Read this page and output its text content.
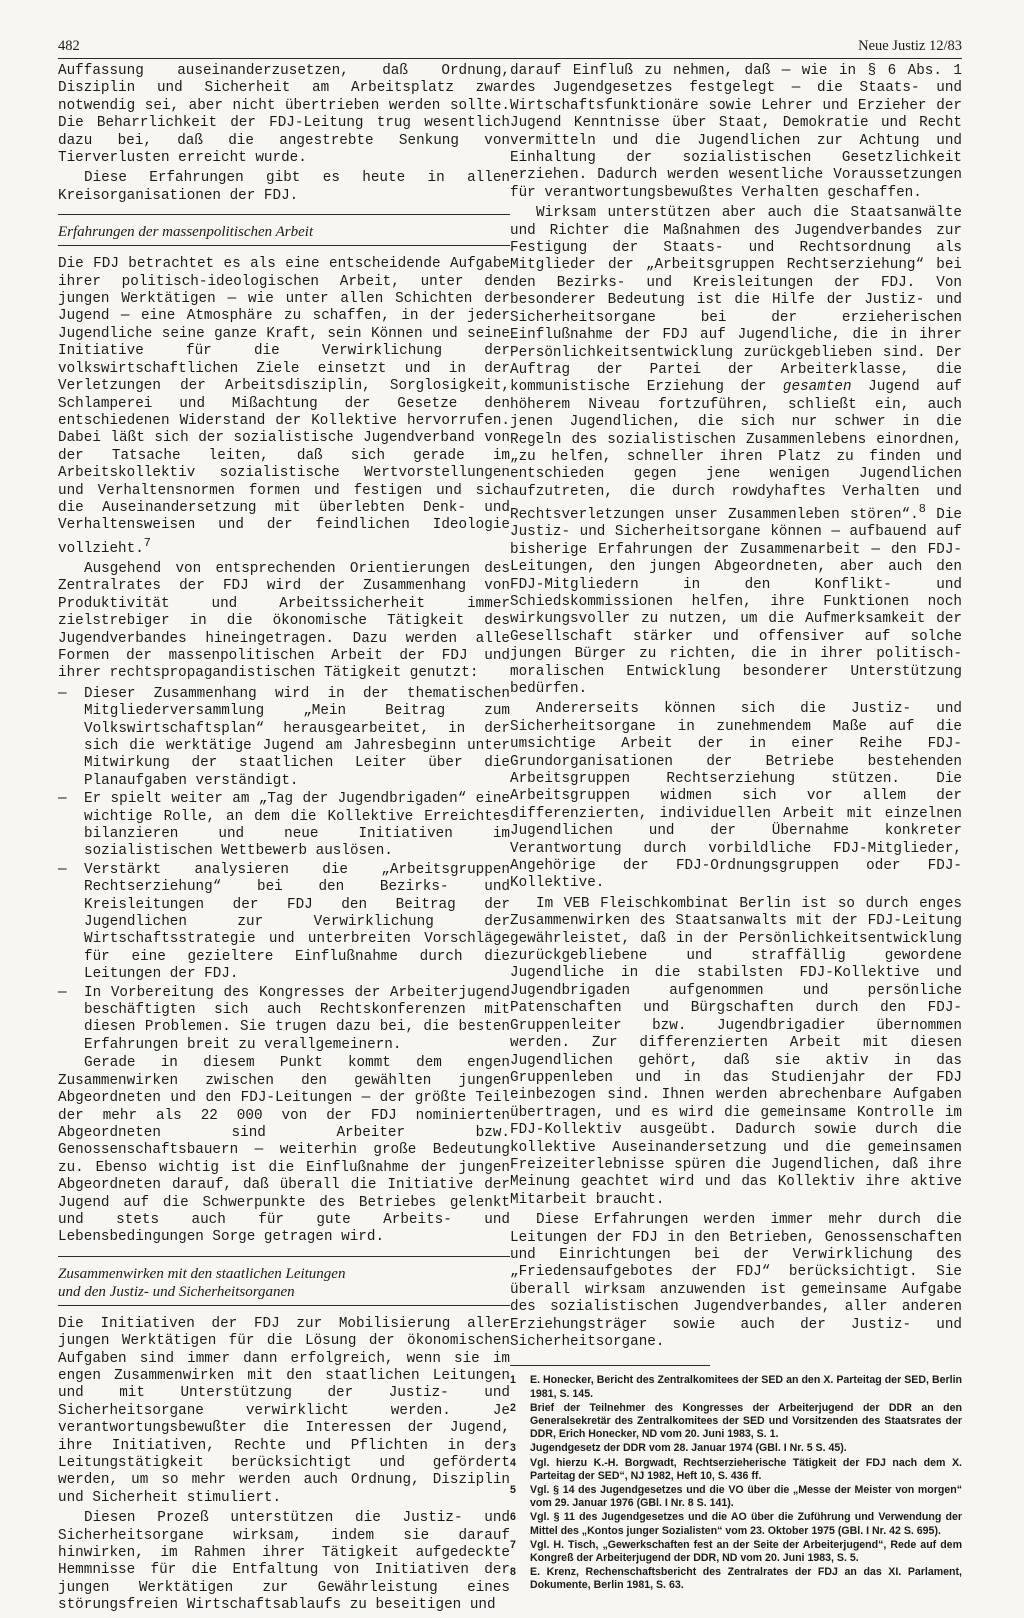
482	Neue Justiz 12/83

Auffassung auseinanderzusetzen, daß Ordnung, Disziplin und Sicherheit am Arbeitsplatz zwar notwendig sei, aber nicht übertrieben werden sollte. Die Beharrlichkeit der FDJ-Leitung trug wesentlich dazu bei, daß die angestrebte Senkung von Tierverlusten erreicht wurde.

Diese Erfahrungen gibt es heute in allen Kreisorganisationen der FDJ.

Erfahrungen der massenpolitischen Arbeit

Die FDJ betrachtet es als eine entscheidende Aufgabe ihrer politisch-ideologischen Arbeit, unter den jungen Werktätigen — wie unter allen Schichten der Jugend — eine Atmosphäre zu schaffen, in der jeder Jugendliche seine ganze Kraft, sein Können und seine Initiative für die Verwirklichung der volkswirtschaftlichen Ziele einsetzt und in der Verletzungen der Arbeitsdisziplin, Sorglosigkeit, Schlamperei und Mißachtung der Gesetze den entschiedenen Widerstand der Kollektive hervorrufen. Dabei läßt sich der sozialistische Jugendverband von der Tatsache leiten, daß sich gerade im Arbeitskollektiv sozialistische Wertvorstellungen und Verhaltensnormen formen und festigen und sich die Auseinandersetzung mit überlebten Denk- und Verhaltensweisen und der feindlichen Ideologie vollzieht.$^7$

Ausgehend von entsprechenden Orientierungen des Zentralrates der FDJ wird der Zusammenhang von Produktivität und Arbeitssicherheit immer zielstrebiger in die ökonomische Tätigkeit des Jugendverbandes hineingetragen. Dazu werden alle Formen der massenpolitischen Arbeit der FDJ und ihrer rechtspropagandistischen Tätigkeit genutzt:

— Dieser Zusammenhang wird in der thematischen Mitgliederversammlung „Mein Beitrag zum Volkswirtschaftsplan“ herausgearbeitet, in der sich die werktätige Jugend am Jahresbeginn unter Mitwirkung der staatlichen Leiter über die Planaufgaben verständigt.
— Er spielt weiter am „Tag der Jugendbrigaden“ eine wichtige Rolle, an dem die Kollektive Erreichtes bilanzieren und neue Initiativen im sozialistischen Wettbewerb auslösen.
— Verstärkt analysieren die „Arbeitsgruppen Rechtserziehung“ bei den Bezirks- und Kreisleitungen der FDJ den Beitrag der Jugendlichen zur Verwirklichung der Wirtschaftsstrategie und unterbreiten Vorschläge für eine gezieltere Einflußnahme durch die Leitungen der FDJ.
— In Vorbereitung des Kongresses der Arbeiterjugend beschäftigten sich auch Rechtskonferenzen mit diesen Problemen. Sie trugen dazu bei, die besten Erfahrungen breit zu verallgemeinern.

Gerade in diesem Punkt kommt dem engen Zusammenwirken zwischen den gewählten jungen Abgeordneten und den FDJ-Leitungen — der größte Teil der mehr als 22 000 von der FDJ nominierten Abgeordneten sind Arbeiter bzw. Genossenschaftsbauern — weiterhin große Bedeutung zu. Ebenso wichtig ist die Einflußnahme der jungen Abgeordneten darauf, daß überall die Initiative der Jugend auf die Schwerpunkte des Betriebes gelenkt und stets auch für gute Arbeits- und Lebensbedingungen Sorge getragen wird.

Zusammenwirken mit den staatlichen Leitungen
und den Justiz- und Sicherheitsorganen

Die Initiativen der FDJ zur Mobilisierung aller jungen Werktätigen für die Lösung der ökonomischen Aufgaben sind immer dann erfolgreich, wenn sie im engen Zusammenwirken mit den staatlichen Leitungen und mit Unterstützung der Justiz- und Sicherheitsorgane verwirklicht werden. Je verantwortungsbewußter die Interessen der Jugend, ihre Initiativen, Rechte und Pflichten in der Leitungstätigkeit berücksichtigt und gefördert werden, um so mehr werden auch Ordnung, Disziplin und Sicherheit stimuliert.

Diesen Prozeß unterstützen die Justiz- und Sicherheitsorgane wirksam, indem sie darauf hinwirken, im Rahmen ihrer Tätigkeit aufgedeckte Hemmnisse für die Entfaltung von Initiativen der jungen Werktätigen zur Gewährleistung eines störungsfreien Wirtschaftsablaufs zu beseitigen und

darauf Einfluß zu nehmen, daß — wie in § 6 Abs. 1 des Jugendgesetzes festgelegt — die Staats- und Wirtschaftsfunktionäre sowie Lehrer und Erzieher der Jugend Kenntnisse über Staat, Demokratie und Recht vermitteln und die Jugendlichen zur Achtung und Einhaltung der sozialistischen Gesetzlichkeit erziehen. Dadurch werden wesentliche Voraussetzungen für verantwortungsbewußtes Verhalten geschaffen.

Wirksam unterstützen aber auch die Staatsanwälte und Richter die Maßnahmen des Jugendverbandes zur Festigung der Staats- und Rechtsordnung als Mitglieder der „Arbeitsgruppen Rechtserziehung“ bei den Bezirks- und Kreisleitungen der FDJ. Von besonderer Bedeutung ist die Hilfe der Justiz- und Sicherheitsorgane bei der erzieherischen Einflußnahme der FDJ auf Jugendliche, die in ihrer Persönlichkeitsentwicklung zurückgeblieben sind. Der Auftrag der Partei der Arbeiterklasse, die kommunistische Erziehung der gesamten Jugend auf höherem Niveau fortzuführen, schließt ein, auch jenen Jugendlichen, die sich nur schwer in die Regeln des sozialistischen Zusammenlebens einordnen, „zu helfen, schneller ihren Platz zu finden und entschieden gegen jene wenigen Jugendlichen aufzutreten, die durch rowdyhaftes Verhalten und Rechtsverletzungen unser Zusammenleben stören“.$^8$ Die Justiz- und Sicherheitsorgane können — aufbauend auf bisherige Erfahrungen der Zusammenarbeit — den FDJ-Leitungen, den jungen Abgeordneten, aber auch den FDJ-Mitgliedern in den Konflikt- und Schiedskommissionen helfen, ihre Funktionen noch wirkungsvoller zu nutzen, um die Aufmerksamkeit der Gesellschaft stärker und offensiver auf solche jungen Bürger zu richten, die in ihrer politisch-moralischen Entwicklung besonderer Unterstützung bedürfen.

Andererseits können sich die Justiz- und Sicherheitsorgane in zunehmendem Maße auf die umsichtige Arbeit der in einer Reihe FDJ-Grundorganisationen der Betriebe bestehenden Arbeitsgruppen Rechtserziehung stützen. Die Arbeitsgruppen widmen sich vor allem der differenzierten, individuellen Arbeit mit einzelnen Jugendlichen und der Übernahme konkreter Verantwortung durch vorbildliche FDJ-Mitglieder, Angehörige der FDJ-Ordnungsgruppen oder FDJ-Kollektive.

Im VEB Fleischkombinat Berlin ist so durch enges Zusammenwirken des Staatsanwalts mit der FDJ-Leitung gewährleistet, daß in der Persönlichkeitsentwicklung zurückgebliebene und straffällig gewordene Jugendliche in die stabilsten FDJ-Kollektive und Jugendbrigaden aufgenommen und persönliche Patenschaften und Bürgschaften durch den FDJ-Gruppenleiter bzw. Jugendbrigadier übernommen werden. Zur differenzierten Arbeit mit diesen Jugendlichen gehört, daß sie aktiv in das Gruppenleben und in das Studienjahr der FDJ einbezogen sind. Ihnen werden abrechenbare Aufgaben übertragen, und es wird die gemeinsame Kontrolle im FDJ-Kollektiv ausgeübt. Dadurch sowie durch die kollektive Auseinandersetzung und die gemeinsamen Freizeiterlebnisse spüren die Jugendlichen, daß ihre Meinung geachtet wird und das Kollektiv ihre aktive Mitarbeit braucht.

Diese Erfahrungen werden immer mehr durch die Leitungen der FDJ in den Betrieben, Genossenschaften und Einrichtungen bei der Verwirklichung des „Friedensaufgebotes der FDJ“ berücksichtigt. Sie überall wirksam anzuwenden ist gemeinsame Aufgabe des sozialistischen Jugendverbandes, aller anderen Erziehungsträger sowie auch der Justiz- und Sicherheitsorgane.

1	E. Honecker, Bericht des Zentralkomitees der SED an den X. Parteitag der SED, Berlin 1981, S. 145.
2	Brief der Teilnehmer des Kongresses der Arbeiterjugend der DDR an den Generalsekretär des Zentralkomitees der SED und Vorsitzenden des Staatsrates der DDR, Erich Honecker, ND vom 20. Juni 1983, S. 1.
3	Jugendgesetz der DDR vom 28. Januar 1974 (GBl. I Nr. 5 S. 45).
4	Vgl. hierzu K.-H. Borgwadt, Rechtserzieherische Tätigkeit der FDJ nach dem X. Parteitag der SED“, NJ 1982, Heft 10, S. 436 ff.
5	Vgl. § 14 des Jugendgesetzes und die VO über die „Messe der Meister von morgen“ vom 29. Januar 1976 (GBl. I Nr. 8 S. 141).
6	Vgl. § 11 des Jugendgesetzes und die AO über die Zuführung und Verwendung der Mittel des „Kontos junger Sozialisten“ vom 23. Oktober 1975 (GBl. I Nr. 42 S. 695).
7	Vgl. H. Tisch, „Gewerkschaften fest an der Seite der Arbeiterjugend“, Rede auf dem Kongreß der Arbeiterjugend der DDR, ND vom 20. Juni 1983, S. 5.
8	E. Krenz, Rechenschaftsbericht des Zentralrates der FDJ an das XI. Parlament, Dokumente, Berlin 1981, S. 63.
